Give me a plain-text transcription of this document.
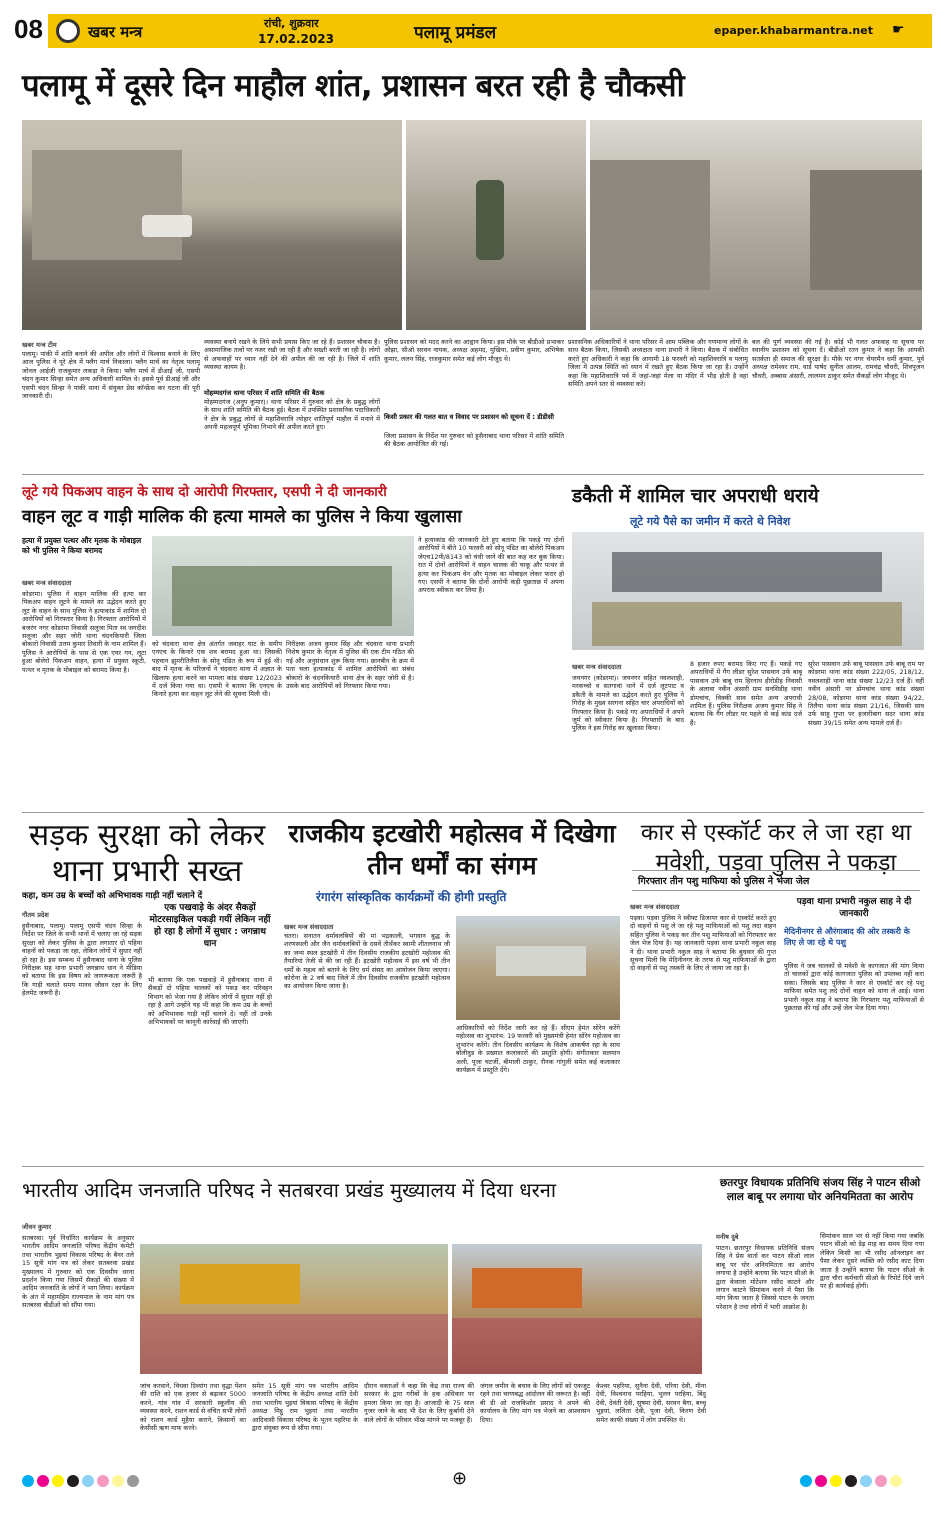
08	खबर मन्त्र	रांची, शुक्रवार
17.02.2023	पलामू प्रमंडल	epaper.khabarmantra.net ☛
पलामू में दूसरे दिन माहौल शांत, प्रशासन बरत रही है चौकसी
खबर मन्त्र टीम
पलामू। पांकी में शांति बनाने की अपील और लोगों में विश्वास बनाने के लिए आज पुलिस ने पूरे क्षेत्र में फ्लैग मार्च निकाला। फ्लैग मार्च का नेतृत्व पलामू जोनल आईजी राजकुमार लकड़ा ने किया। फ्लैग मार्च में डीआई जी, एसपी चंदन कुमार सिन्हा समेत अन्य अधिकारी शामिल थे। इससे पूर्व डीआई जी और एसपी चंदन सिन्हा ने पांकी थाना में संयुक्त प्रेस कॉन्फ्रेंस कर घटना की पूरी जानकारी दी।
व्यवस्था बनाये रखने के लिये सभी प्रयास किए जा रहे हैं। प्रशासन चौकस है। असामाजिक तत्वों पर नजर रखी जा रही है और सख्ती बरती जा रही है। लोगों से अफवाहों पर ध्यान नहीं देने की अपील की जा रही है। जिले में शांति व्यवस्था कायम है।
मोहम्मदगंज थाना परिसर में शांति समिति की बैठक
मोहम्मदगंज (अनुप कुमार)। थाना परिसर में गुरुवार को क्षेत्र के प्रबुद्ध लोगों के साथ शांति समिति की बैठक हुई। बैठक में उपस्थित प्रशासनिक पदाधिकारी ने क्षेत्र के प्रबुद्ध लोगों से महाशिवरात्रि त्योहार शांतिपूर्ण माहौल में मनाने में अपनी महत्वपूर्ण भूमिका निभाने की अपील करते हुए।
पुलिस प्रशासन को मदद करने का आह्वान किया। इस मौके पर बीडीओ प्रभाकर ओझा, सीओ सरवन नायक, अध्यक्ष अहमद, मुखिया, प्रवीण कुमार, अभिषेक कुमार, ललन सिंह, राजकुमार समेत कई लोग मौजूद थे।
किसी प्रकार की गलत बात व विवाद पर प्रशासन को सूचना दें : डीडीसी
जिला प्रशासन के निर्देश पर गुरुवार को हुसैनाबाद थाना परिसर में शांति समिति की बैठक आयोजित की गई।
प्रशासनिक अधिकारियों ने थाना परिसर में आम पब्लिक और गणमान्य लोगों के साथ बैठक किया, जिसकी अध्यक्षता थाना प्रभारी ने किया। बैठक में संबोधित करते हुए अधिकारी ने कहा कि आगामी 18 फरवरी को महाशिवरात्रि व पलामू जिला में उत्पन्न स्थिति को ध्यान में रखते हुए बैठक किया जा रहा है। उन्होंने कहा कि महाशिवरात्रि पर्व में जहां-जहां मेला या मंदिर में भीड़ होती है वहां समिति अपने स्तर से व्यवस्था करे।
बल की पूर्ण व्यवस्था की गई है। कोई भी गलत अफवाह या सूचना पर स्थानीय प्रशासन को सूचना दें। बीडीओ रतन कुमार ने कहा कि आपकी सतर्कता ही समाज की सुरक्षा है। मौके पर नगर चेयरमैन धर्मी कुमार, पूर्व अध्यक्ष रामेश्वर राम, वार्ड पार्षद सुनील आलम, रामचंद्र चौधरी, शिवपूजन चौधरी, अब्बास अंसारी, लालमन ठाकुर समेत सैकड़ों लोग मौजूद थे।
लूटे गये पिकअप वाहन के साथ दो आरोपी गिरफ्तार, एसपी ने दी जानकारी
वाहन लूट व गाड़ी मालिक की हत्या मामले का पुलिस ने किया खुलासा
हत्या में प्रयुक्त पत्थर और मृतक के मोबाइल को भी पुलिस ने किया बरामद
खबर मन्त्र संवाददाता
कोडरमा। पुलिस ने वाहन मालिक की हत्या कर पिकअप वाहन लूटने के मामले का उद्भेदन करते हुए लूट के वाहन के साथ पुलिस ने हत्याकांड में शामिल दो आरोपियों को गिरफ्तार किया है। गिरफ्तार आरोपियों में बजरंग नगर कोडरमा निवासी सलूजा पिता स्व जगदीश सलूजा और सहर जोरी थाना चंदनकियारी जिला बोकारो निवासी उत्तम कुमार तिवारी के नाम शामिल हैं। पुलिस ने आरोपियों के पास से एक एयर गन, लूटा हुआ बोलेरो पिकअप वाहन, हत्या में प्रयुक्त स्कूटी, पत्थर व मृतक के मोबाइल को बरामद किया है।
को चंदवारा थाना क्षेत्र अंतर्गत जवाहर घाट के समीप एनएच के किनारे एक शव बरामद हुआ था। जिसकी पहचान झुमरीतिलैया के सोनू पंडित के रूप में हुई थी। बाद में मृतक के परिजनों ने चंदवारा थाना में अज्ञात के खिलाफ हत्या करने का मामला कांड संख्या 12/2023 में दर्ज किया गया था। एसपी ने बताया कि एनएच के किनारे हत्या कर वाहन लूट लेने की सूचना मिली थी।
निरीक्षक अजय कुमार सिंह और चंदवारा थाना प्रभारी निशेष कुमार के नेतृत्व में पुलिस की एक टीम गठित की गई और अनुसंधान शुरू किया गया। छानबीन के क्रम में पता चला हत्याकांड में शामिल आरोपियों का संबंध बोकारो के चंदनकियारी थाना क्षेत्र के सहर जोरी से है। उसके बाद आरोपियों को गिरफ्तार किया गया।
ने हत्याकांड की जानकारी देते हुए बताया कि पकड़े गए दोनों आरोपियों ने बीते 10 फरवरी को सोनू पंडित का बोलेरो पिकअप जेएच12पी/8143 को चंधी जाने की बात कह कर बुक किया। रात में दोनों आरोपियों ने वाहन चालक की चाकू और पत्थर से हत्या कर पिकअप वेन और मृतक का मोबाइल लेकर फरार हो गए। एसपी ने बताया कि दोनों आरोपी कड़ी पूछताछ में अपना अपराध स्वीकार कर लिया है।
डकैती में शामिल चार अपराधी धराये
लूटे गये पैसे का जमीन में करते थे निवेश
खबर मन्त्र संवाददाता
जयनगर (कोडरमा)। जयनगर सहित नवलशाही, मरकच्चो व सतगावां थाने में दर्ज लूटपाट व डकैती के मामले का उद्भेदन करते हुए पुलिस ने गिरोह के मुख्य सरगना सहित चार अपराधियों को गिरफ्तार किया है। पकड़े गए अपराधियों ने अपने जुर्म को स्वीकार किया है। गिरफ्तारी के बाद पुलिस ने इस गिरोह का खुलासा किया।
8 हजार रुपए बरामद किए गए हैं। पकड़े गए अपराधियों में गैंग लीडर सुरेश पासवान उर्फ बाबू पासवान उर्फ बाबू राम हिरनाथ हीरोडीह निवासी के अलावा नवीन अंसारी ग्राम सनसिडीह थाना डोमचांच, विक्की साव समेत अन्य अपराधी शामिल हैं। पुलिस निरीक्षक अजय कुमार सिंह ने बताया कि गैंग लीडर पर पहले से कई कांड दर्ज हैं।
सुरेश पासवान उर्फ बाबू पासवान उर्फ बाबू राम पर कोडरमा थाना कांड संख्या 222/05, 218/12, नवलशाही थाना कांड संख्या 12/23 दर्ज हैं। वहीं नवीन अंसारी पर डोमचांच थाना कांड संख्या 28/08, कोडरमा थाना कांड संख्या 94/22, तिलैया थाना कांड संख्या 21/16, जिसकी साव उर्फ साहु गुप्ता पर हजारीबाग सदर थाना कांड संख्या 39/15 समेत अन्य मामले दर्ज हैं।
सड़क सुरक्षा को लेकर थाना प्रभारी सख्त
कहा, कम उम्र के बच्चों को अभिभावक गाड़ी नहीं चलाने दें
गौतम प्रदेश
हुसैनाबाद, पलामू। पलामू एसपी चंदन सिन्हा के निर्देश पर जिले के सभी थानों में चलाए जा रहे सड़क सुरक्षा को लेकर पुलिस के द्वारा लगातार दो पहिया वाहनों को पकड़ा जा रहा, लेकिन लोगों में सुधार नहीं हो रहा है। इस सम्बन्ध में हुसैनाबाद थाना के पुलिस निरीक्षक सह थाना प्रभारी जगन्नाथ धान ने मीडिया को बताया कि इस विषय को जागरूकता जरूरी है कि गाड़ी चलाते समय मानव जीवन रक्षा के लिए हेलमेट जरूरी है।
एक पखवाड़े के अंदर सैकड़ों मोटरसाइकिल पकड़ी गयीं लेकिन नहीं हो रहा है लोगों में सुधार : जगन्नाथ धान
भी बताया कि एक पखवाड़े में हुसैनाबाद थाना में सैकड़ों दो पहिया चालकों को पकड़ कर परिवहन विभाग को भेजा गया है लेकिन लोगों में सुधार नहीं हो रहा है आगे उन्होंने यह भी कहा कि कम उम्र के बच्चों को अभिभावक गाड़ी नहीं चलाने दें। नहीं तो उनके अभिभावकों पर कानूनी कार्रवाई की जाएगी।
राजकीय इटखोरी महोत्सव में दिखेगा तीन धर्मों का संगम
रंगारंग सांस्कृतिक कार्यक्रमों की होगी प्रस्तुति
खबर मन्त्र संवाददाता
चतरा। सनातन धर्मावलंबियों की मां भद्रकाली, भगवान बुद्ध के शरणस्थली और जैन धर्मावलंबियों के दसवें तीर्थंकर स्वामी शीतलनाथ जी का जन्म स्थल इटखोरी में तीन दिवसीय राजकीय इटखोरी महोत्सव की तैयारियां तेजी से की जा रही हैं। इटखोरी महोत्सव में इस वर्ष भी तीन धर्मों के महत्व को बताने के लिए धर्म संसद का आयोजन किया जाएगा। कोरोना के 2 वर्ष बाद जिले में तीन दिवसीय राजकीय इटखोरी महोत्सव का आयोजन किया जाना है।
आधिकारियों को निर्देश जारी कर रहे हैं। सीएम हेमंत सोरेन करेंगे महोत्सव का शुभारंभ: 19 फरवरी को मुख्यमंत्री हेमंत सोरेन महोत्सव का शुभारंभ करेंगे। तीन दिवसीय कार्यक्रम के विशेष आकर्षण रहा के साथ बॉलीवुड के प्रख्यात कलाकारों की प्रस्तुति होगी। संगीतकार सलमान अली, पूजा चटर्जी, बीमाली ठाकुर, रौनक गांगुली समेत कई कलाकार कार्यक्रम में प्रस्तुति देंगे।
कार से एस्कॉर्ट कर ले जा रहा था मवेशी, पड़वा पुलिस ने पकड़ा
गिरफ्तार तीन पशु माफिया को पुलिस ने भेजा जेल
खबर मन्त्र संवाददाता
पड़वा। पड़वा पुलिस ने स्वीफ्ट डिजायर कार से एस्कॉर्ट करते हुए दो वाहनों से पशु ले जा रहे पशु माफियाओं को पशु लदा वाहन सहित पुलिस ने पकड़ कर तीन पशु माफियाओं को गिरफ्तार कर जेल भेज दिया है। यह जानकारी पड़वा थाना प्रभारी नकुल साह ने दी। थाना प्रभारी नकुल साह ने बताया कि बुधवार की गुप्त सूचना मिली कि मेदिनीनगर के तरफ से पशु माफियाओं के द्वारा दो वाहनों से पशु तस्करी के लिए ले जाया जा रहा है।
पड़वा थाना प्रभारी नकुल साह ने दी जानकारी
मेदिनीनगर से औरंगाबाद की ओर तस्करी के लिए ले जा रहे थे पशु
पुलिस ने जब चालकों से मवेशी के कागजात की मांग किया तो चालकों द्वारा कोई कागजात पुलिस को उपलब्ध नहीं करा सका। जिसके बाद पुलिस ने कार से एस्कॉर्ट कर रहे पशु माफिया समेत पशु लदे दोनों वाहन को थाना ले आई। थाना प्रभारी नकुल साह ने बताया कि गिरफ्तार पशु माफियाओं से पूछताछ की गई और उन्हें जेल भेज दिया गया।
भारतीय आदिम जनजाति परिषद ने सतबरवा प्रखंड मुख्यालय में दिया धरना
जीवन कुमार
सतबरवा। पूर्व निर्धारित कार्यक्रम के अनुसार भारतीय आदिम जनजाति परिषद केंद्रीय कमेटी तथा भारतीय भुइयां विकास परिषद के बैनर तले 15 सूत्री मांग पत्र को लेकर सतबरवा प्रखंड मुख्यालय में गुरुवार को एक दिवसीय धरना प्रदर्शन किया गया जिसमें सैकड़ों की संख्या में आदिम जनजाति के लोगों ने भाग लिया। कार्यक्रम के अंत में महामहिम राज्यपाल के नाम मांग पत्र सतबरवा बीडीओ को सौंपा गया।
जांच करवाने, विधवा दिव्यांग तथा वृद्धा पेंशन की राशि को एक हजार से बढ़ाकर 5000 करने, गांव गांव में सरकारी स्कूलीय की व्यवस्था करने, राशन कार्ड से वंचित सभी लोगों को राशन कार्ड मुहैया कराने, किसानों का केसीसी ऋण माफ करने।
समेत 15 सूत्री मांग पत्र भारतीय आदिम जनजाति परिषद के केंद्रीय अध्यक्ष शांति देवी तथा भारतीय भुइयां विकास परिषद के केंद्रीय अध्यक्ष मिट्ठू राम भुइयां तथा भारतीय आदिवासी विकास परिषद के भूतन पहरिया के द्वारा संयुक्त रूप से सौंपा गया।
दौरान वक्ताओं ने कहा कि केंद्र तथा राज्य की सरकार के द्वारा गरीबों के हक अधिकार पर हमला किया जा रहा है। आजादी के 75 साल गुजर जाने के बाद भी देश के लिए कुर्बानी देने वाले लोगों के परिवार भीख मांगने पर मजबूर हैं।
जंगल जमीन के बचाव के लिए लोगों को एकजुट रहने तथा चरणबद्ध आंदोलन की जरूरत है। वहीं बी डी ओ राजकिशोर प्रसाद ने अपने की कार्यालय के लिए मांग पत्र भेजने का आश्वासन दिया।
केश्वर पहरिया, सुनैना देवी, परिया देवी, मीना देवी, विश्वनाथ परहिया, भुलन परहिया, बिंदु देवी, देवंती देवी, सुषमा देवी, सरवन बैगा, बच्चू भुइयां, ललिता देवी, पूजा देवी, किरण देवी समेत काफी संख्या में लोग उपस्थित थे।
छतरपुर विधायक प्रतिनिधि संजय सिंह ने पाटन सीओ लाल बाबू पर लगाया घोर अनियमितता का आरोप
मनीष दुबे
पाटन। छतरपुर विधायक प्रतिनिधि संजय सिंह ने प्रेस वार्ता कर पाटन सीओ लाल बाबू पर घोर अनियमितता का आरोप लगाया है उन्होंने बताया कि पाटन सीओ के द्वारा केवाला मोटेशन रसीद काटने और लगान काटने सिमांकन करने में पैसा कि मांग किया जाता है जिससे पाटन के जनता परेशान है तथा लोगों में भारी आक्रोश है।
सिमांकन साल भर से नहीं किया गया जबकि पाटन सीओ को डेढ़ माह का समय दिया गया लेकिन किसी का भी रसीद ऑनलाइन कर पैसा लेकर दूसरे व्यक्ति को रसीद काट दिया जाता है उन्होंने बताया कि पाटन सीओ के द्वारा चौरा कर्मचारी सीओ के रिपोर्ट दिये जाने पर ही कार्यवाई होगी।
⊕
